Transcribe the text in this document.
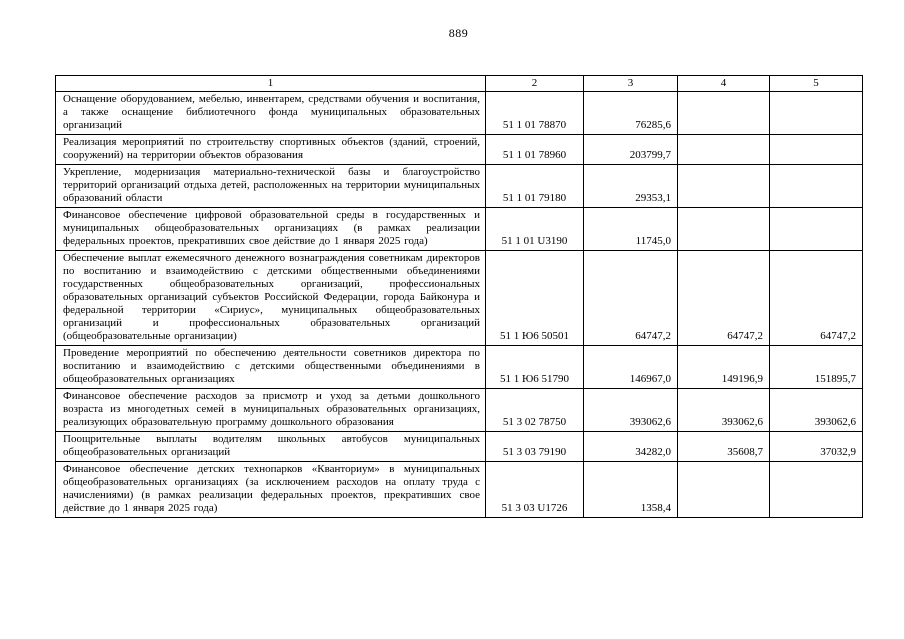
889
1	2	3	4	5
Оснащение оборудованием, мебелью, инвентарем, средствами обучения и воспитания, а также оснащение библиотечного фонда муниципальных образовательных организаций	51 1 01 78870	76285,6		
Реализация мероприятий по строительству спортивных объектов (зданий, строений, сооружений) на территории объектов образования	51 1 01 78960	203799,7		
Укрепление, модернизация материально-технической базы и благоустройство территорий организаций отдыха детей, расположенных на территории муниципальных образований области	51 1 01 79180	29353,1		
Финансовое обеспечение цифровой образовательной среды в государственных и муниципальных общеобразовательных организациях (в рамках реализации федеральных проектов, прекративших свое действие до 1 января 2025 года)	51 1 01 U3190	11745,0		
Обеспечение выплат ежемесячного денежного вознаграждения советникам директоров по воспитанию и взаимодействию с детскими общественными объединениями государственных общеобразовательных организаций, профессиональных образовательных организаций субъектов Российской Федерации, города Байконура и федеральной территории «Сириус», муниципальных общеобразовательных организаций и профессиональных образовательных организаций (общеобразовательные организации)	51 1 Ю6 50501	64747,2	64747,2	64747,2
Проведение мероприятий по обеспечению деятельности советников директора по воспитанию и взаимодействию с детскими общественными объединениями в общеобразовательных организациях	51 1 Ю6 51790	146967,0	149196,9	151895,7
Финансовое обеспечение расходов за присмотр и уход за детьми дошкольного возраста из многодетных семей в муниципальных образовательных организациях, реализующих образовательную программу дошкольного образования	51 3 02 78750	393062,6	393062,6	393062,6
Поощрительные выплаты водителям школьных автобусов муниципальных общеобразовательных организаций	51 3 03 79190	34282,0	35608,7	37032,9
Финансовое обеспечение детских технопарков «Кванториум» в муниципальных общеобразовательных организациях (за исключением расходов на оплату труда с начислениями) (в рамках реализации федеральных проектов, прекративших свое действие до 1 января 2025 года)	51 3 03 U1726	1358,4		
